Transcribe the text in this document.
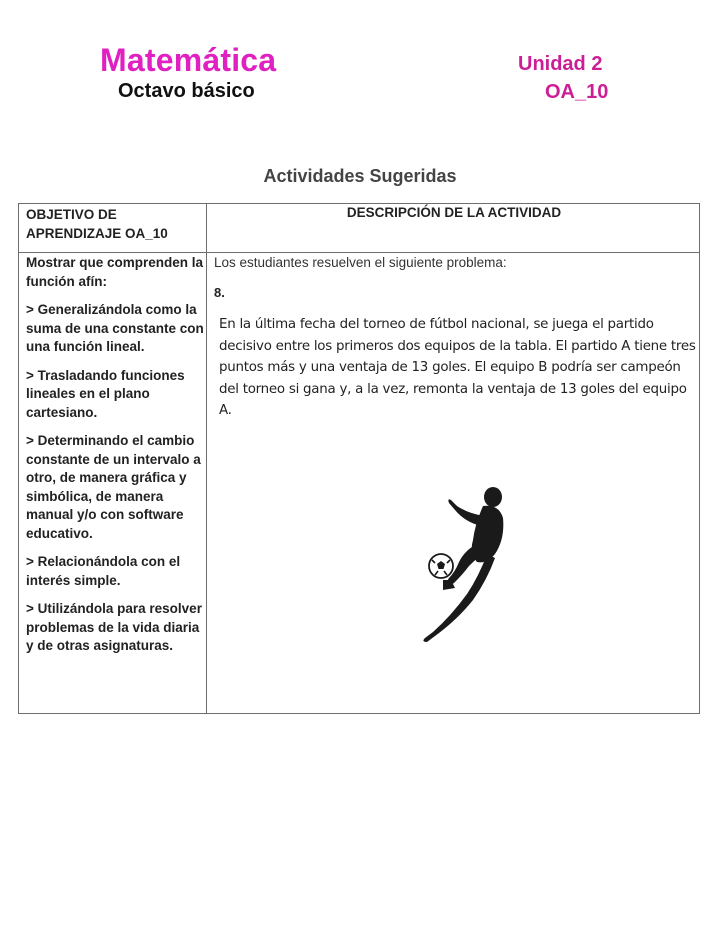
Matemática
Octavo básico
Unidad 2
OA_10
Actividades Sugeridas
OBJETIVO DE APRENDIZAJE OA_10
DESCRIPCIÓN DE LA ACTIVIDAD

Mostrar que comprenden la función afín:

> Generalizándola como la suma de una constante con una función lineal.

> Trasladando funciones lineales en el plano cartesiano.

> Determinando el cambio constante de un intervalo a otro, de manera gráfica y simbólica, de manera manual y/o con software educativo.

> Relacionándola con el interés simple.

> Utilizándola para resolver problemas de la vida diaria y de otras asignaturas.

Los estudiantes resuelven el siguiente problema:
8.
En la última fecha del torneo de fútbol nacional, se juega el partido decisivo entre los primeros dos equipos de la tabla. El partido A tiene tres puntos más y una ventaja de 13 goles. El equipo B podría ser campeón del torneo si gana y, a la vez, remonta la ventaja de 13 goles del equipo A.
